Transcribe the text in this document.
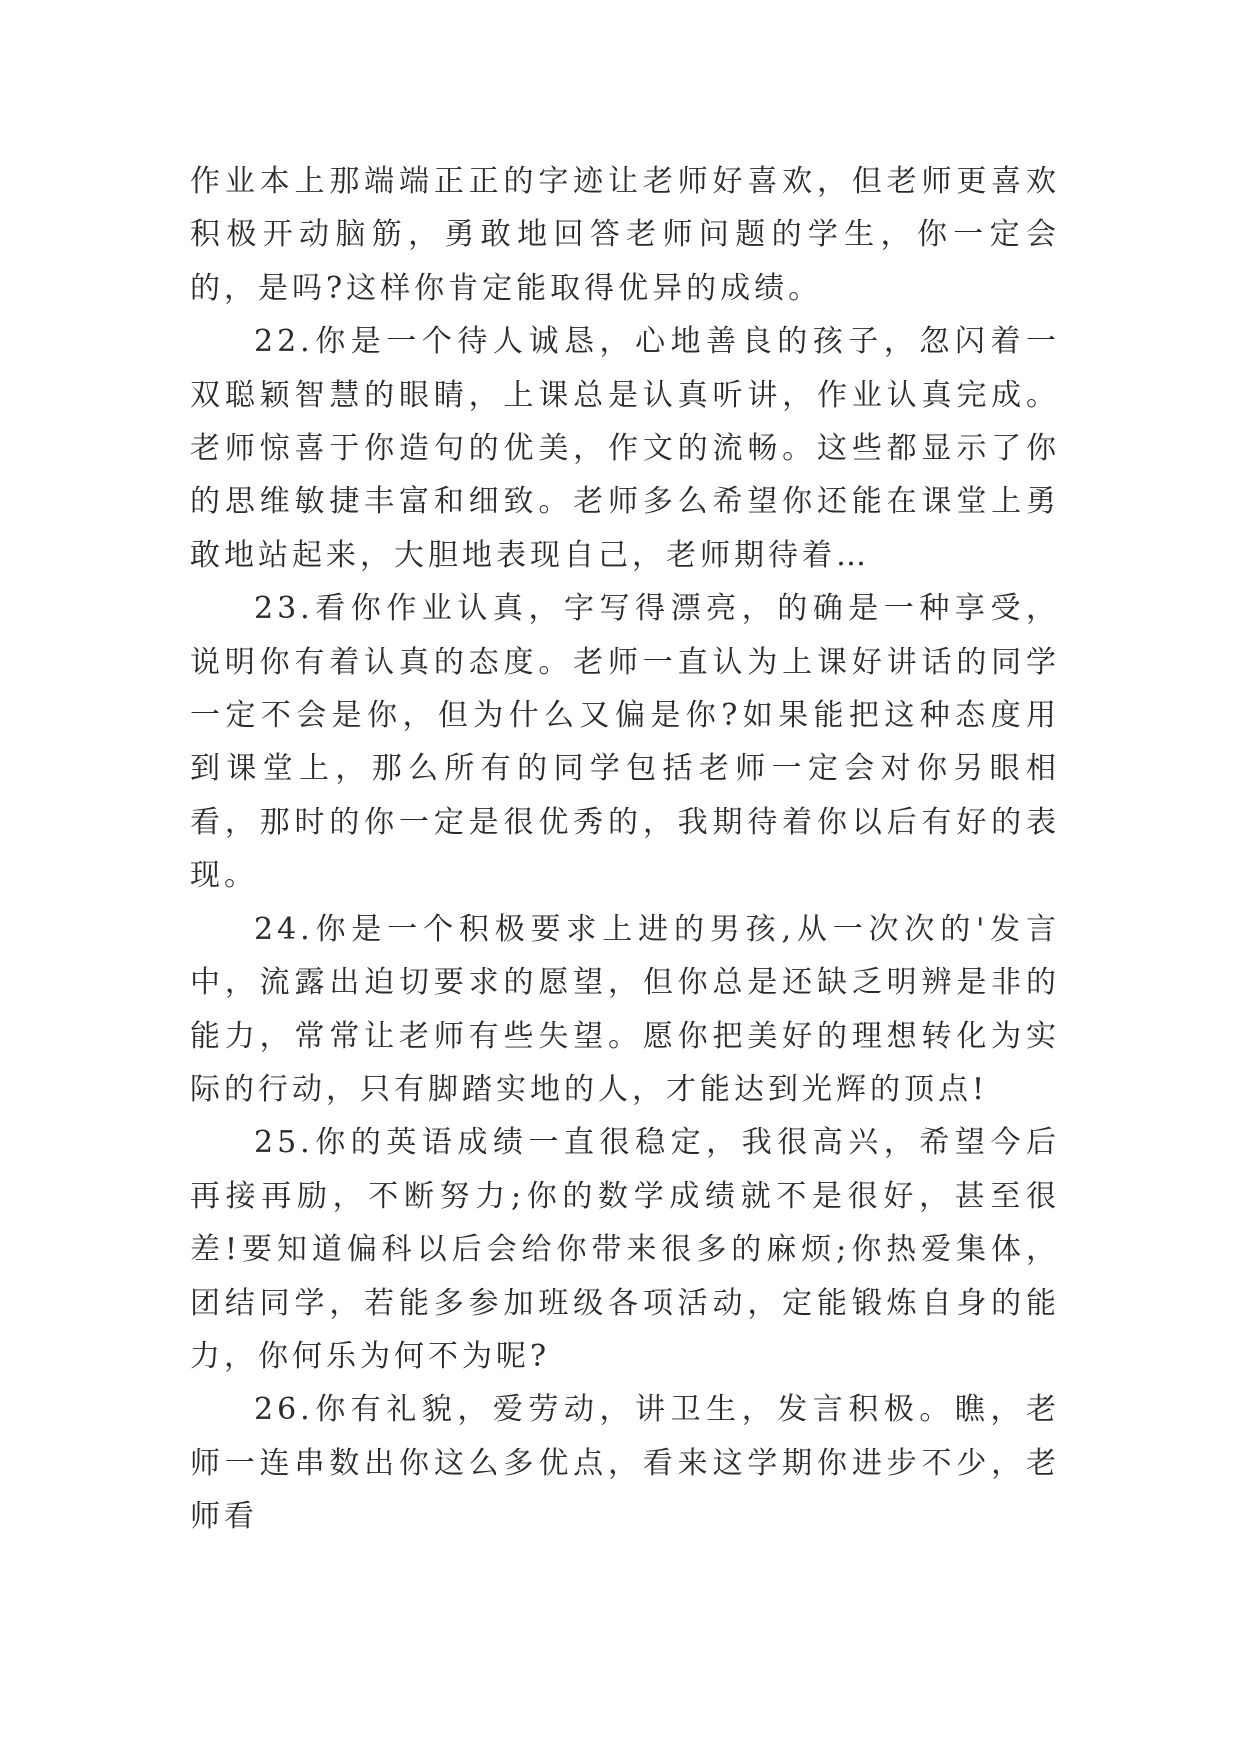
作业本上那端端正正的字迹让老师好喜欢，但老师更喜欢积极开动脑筋，勇敢地回答老师问题的学生，你一定会的，是吗?这样你肯定能取得优异的成绩。

22.你是一个待人诚恳，心地善良的孩子，忽闪着一双聪颖智慧的眼睛，上课总是认真听讲，作业认真完成。老师惊喜于你造句的优美，作文的流畅。这些都显示了你的思维敏捷丰富和细致。老师多么希望你还能在课堂上勇敢地站起来，大胆地表现自己，老师期待着…

23.看你作业认真，字写得漂亮，的确是一种享受，说明你有着认真的态度。老师一直认为上课好讲话的同学一定不会是你，但为什么又偏是你?如果能把这种态度用到课堂上，那么所有的同学包括老师一定会对你另眼相看，那时的你一定是很优秀的，我期待着你以后有好的表现。

24.你是一个积极要求上进的男孩,从一次次的'发言中，流露出迫切要求的愿望，但你总是还缺乏明辨是非的能力，常常让老师有些失望。愿你把美好的理想转化为实际的行动，只有脚踏实地的人，才能达到光辉的顶点!

25.你的英语成绩一直很稳定，我很高兴，希望今后再接再励，不断努力;你的数学成绩就不是很好，甚至很差!要知道偏科以后会给你带来很多的麻烦;你热爱集体，团结同学，若能多参加班级各项活动，定能锻炼自身的能力，你何乐为何不为呢?

26.你有礼貌，爱劳动，讲卫生，发言积极。瞧，老师一连串数出你这么多优点，看来这学期你进步不少，老师看
